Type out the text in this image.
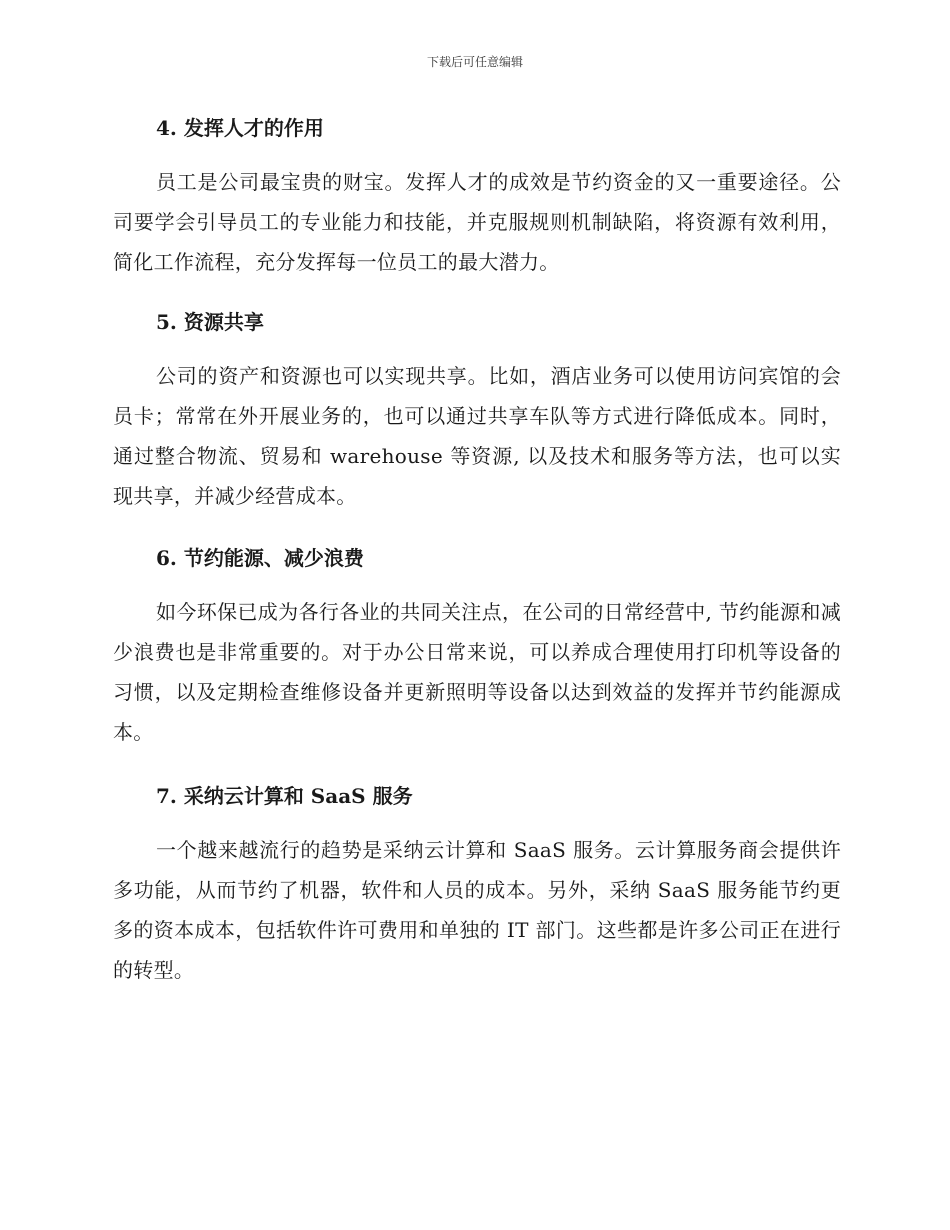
下载后可任意编辑
4. 发挥人才的作用
员工是公司最宝贵的财宝。发挥人才的成效是节约资金的又一重要途径。公司要学会引导员工的专业能力和技能，并克服规则机制缺陷，将资源有效利用，简化工作流程，充分发挥每一位员工的最大潜力。
5. 资源共享
公司的资产和资源也可以实现共享。比如，酒店业务可以使用访问宾馆的会员卡；常常在外开展业务的，也可以通过共享车队等方式进行降低成本。同时，通过整合物流、贸易和 warehouse 等资源, 以及技术和服务等方法，也可以实现共享，并减少经营成本。
6. 节约能源、减少浪费
如今环保已成为各行各业的共同关注点，在公司的日常经营中, 节约能源和减少浪费也是非常重要的。对于办公日常来说，可以养成合理使用打印机等设备的习惯，以及定期检查维修设备并更新照明等设备以达到效益的发挥并节约能源成本。
7. 采纳云计算和 SaaS 服务
一个越来越流行的趋势是采纳云计算和 SaaS 服务。云计算服务商会提供许多功能，从而节约了机器，软件和人员的成本。另外，采纳 SaaS 服务能节约更多的资本成本，包括软件许可费用和单独的 IT 部门。这些都是许多公司正在进行的转型。
